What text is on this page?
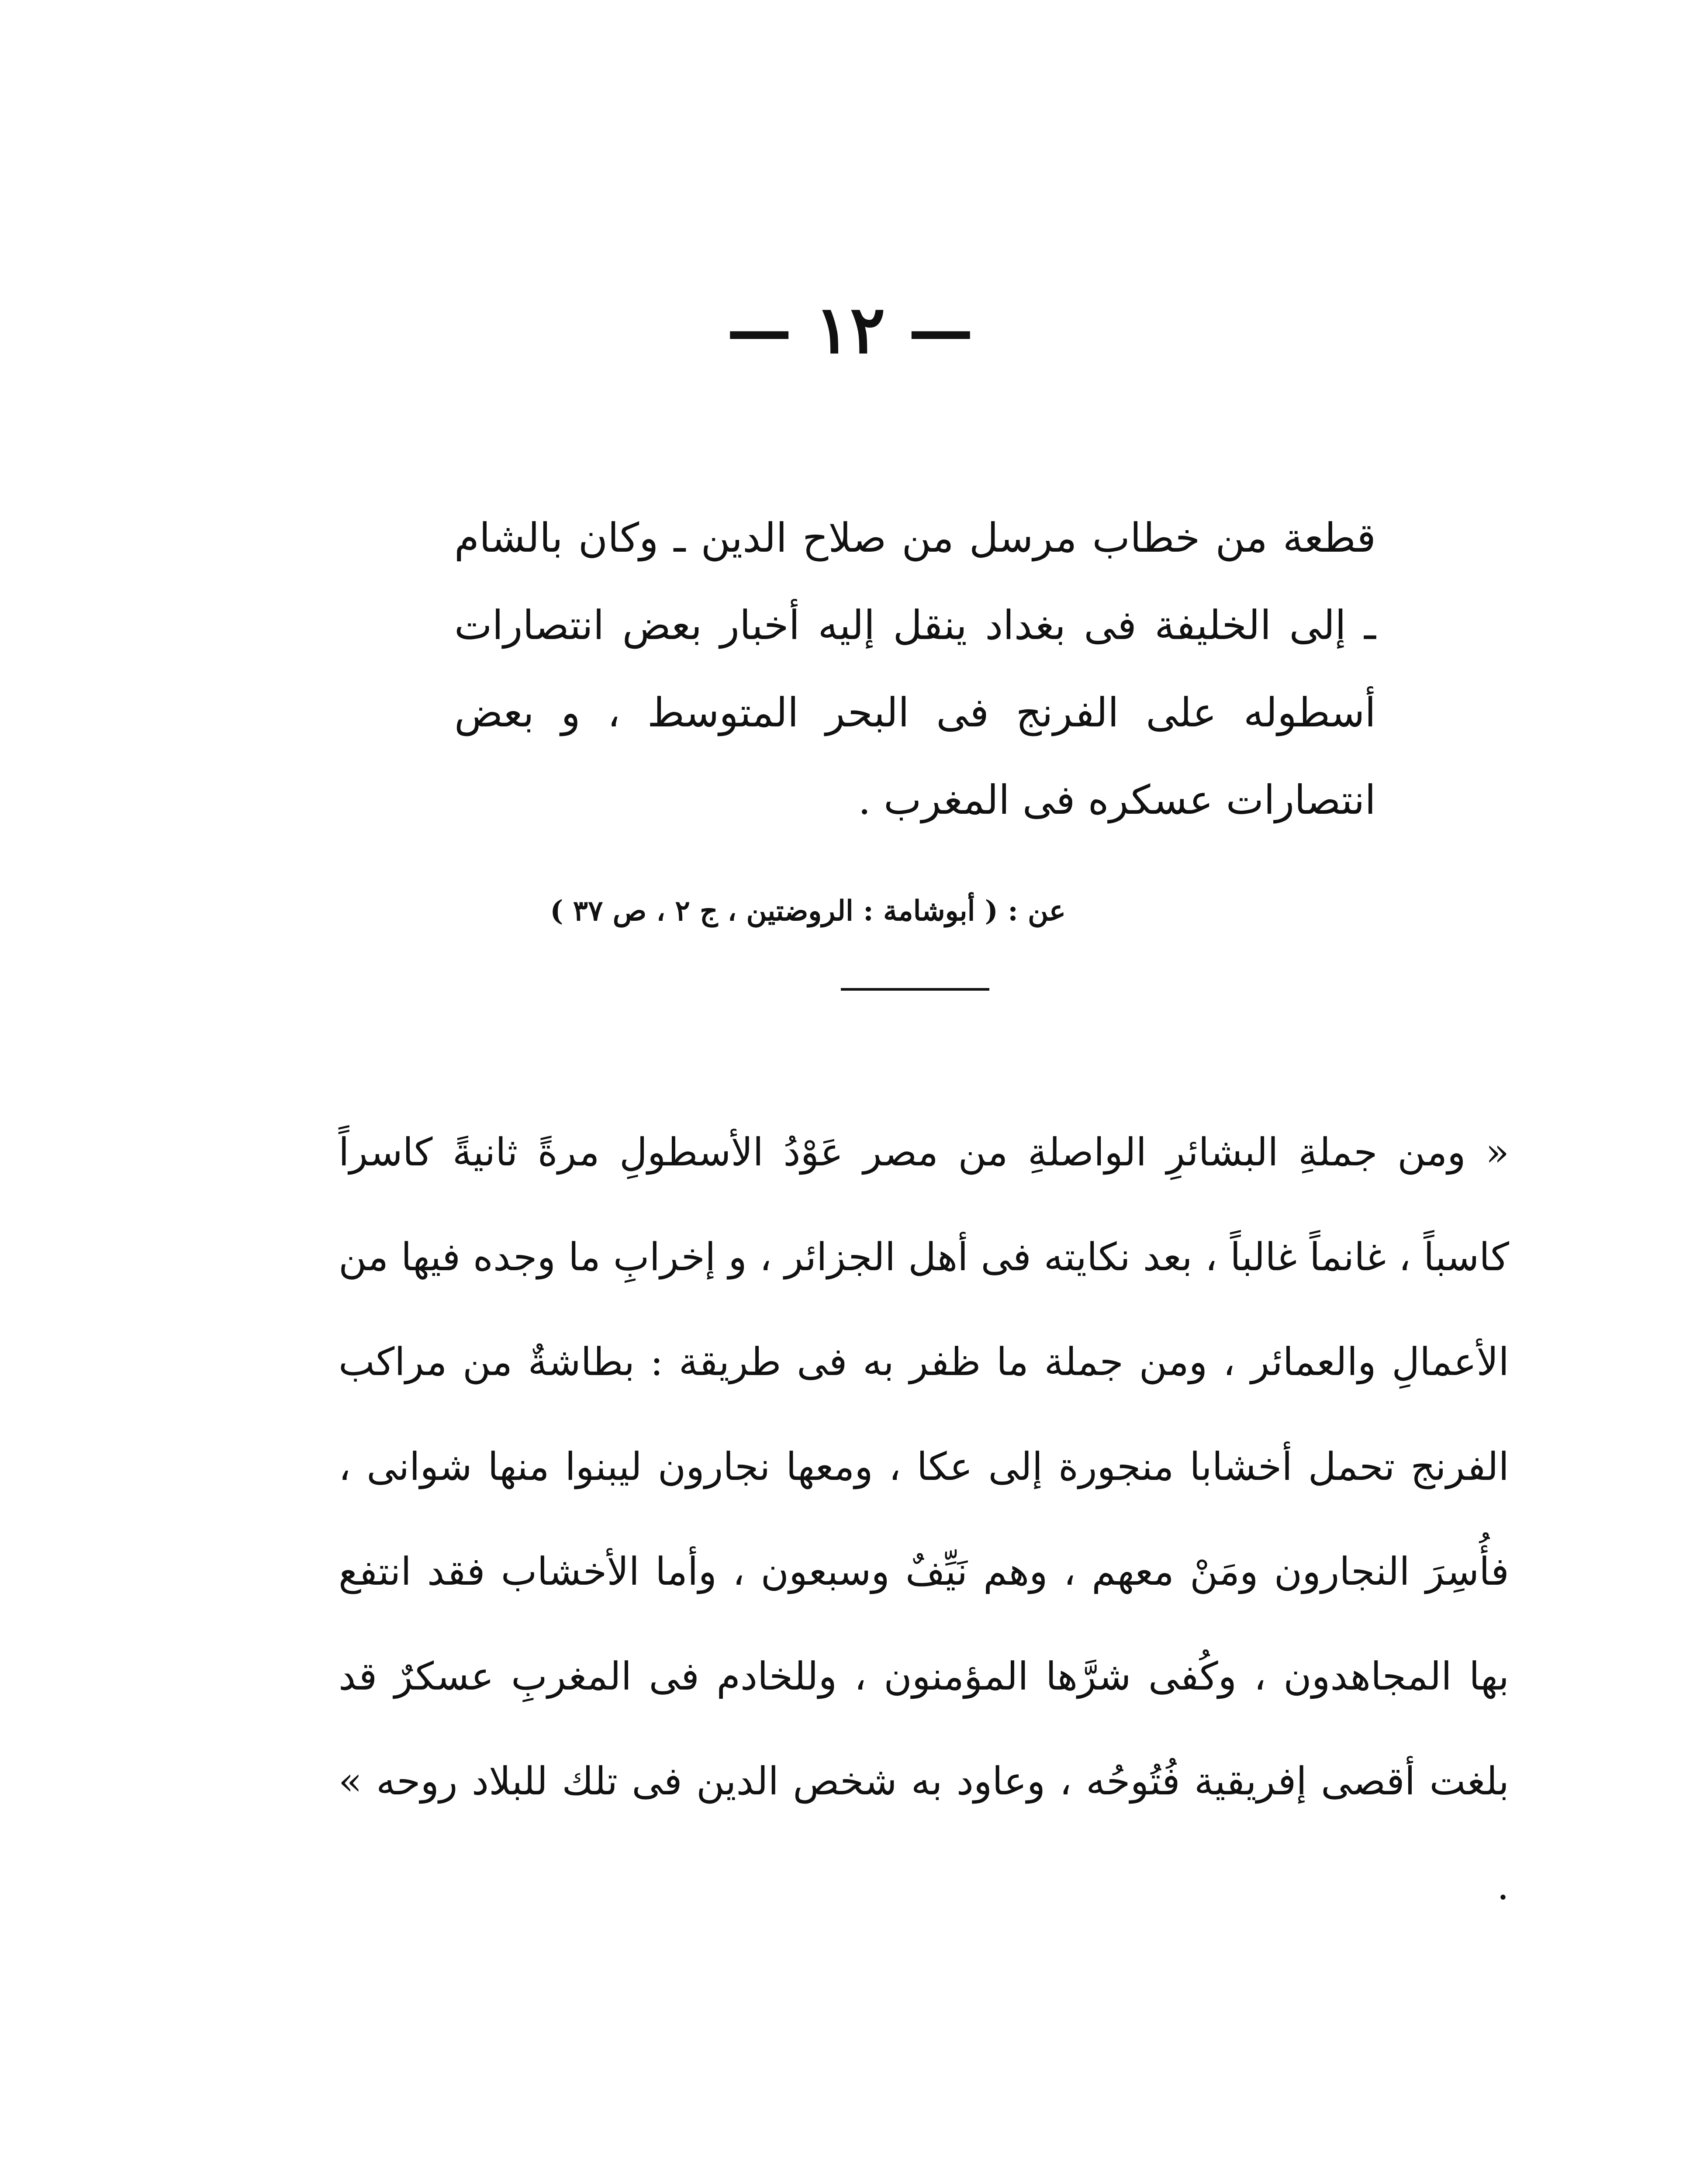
— ١٢ —

قطعة من خطاب مرسل من صلاح الدين ـ وكان بالشام ـ إلى الخليفة فى بغداد ينقل إليه أخبار بعض انتصارات أسطوله على الفرنج فى البحر المتوسط ، و بعض انتصارات عسكره فى المغرب .

عن : ( أبوشامة : الروضتين ، ج ٢ ، ص ٣٧ )

« ومن جملةِ البشائرِ الواصلةِ من مصر عَوْدُ الأسطولِ مرةً ثانيةً كاسراً كاسباً ، غانماً غالباً ، بعد نكايته فى أهل الجزائر ، و إخرابِ ما وجده فيها من الأعمالِ والعمائر ، ومن جملة ما ظفر به فى طريقة : بطاشةٌ من مراكب الفرنج تحمل أخشابا منجورة إلى عكا ، ومعها نجارون ليبنوا منها شوانى ، فأُسِرَ النجارون ومَنْ معهم ، وهم نَيِّفٌ وسبعون ، وأما الأخشاب فقد انتفع بها المجاهدون ، وكُفى شرَّها المؤمنون ، وللخادم فى المغربِ عسكرٌ قد بلغت أقصى إفريقية فُتُوحُه ، وعاود به شخص الدين فى تلك للبلاد روحه » .
